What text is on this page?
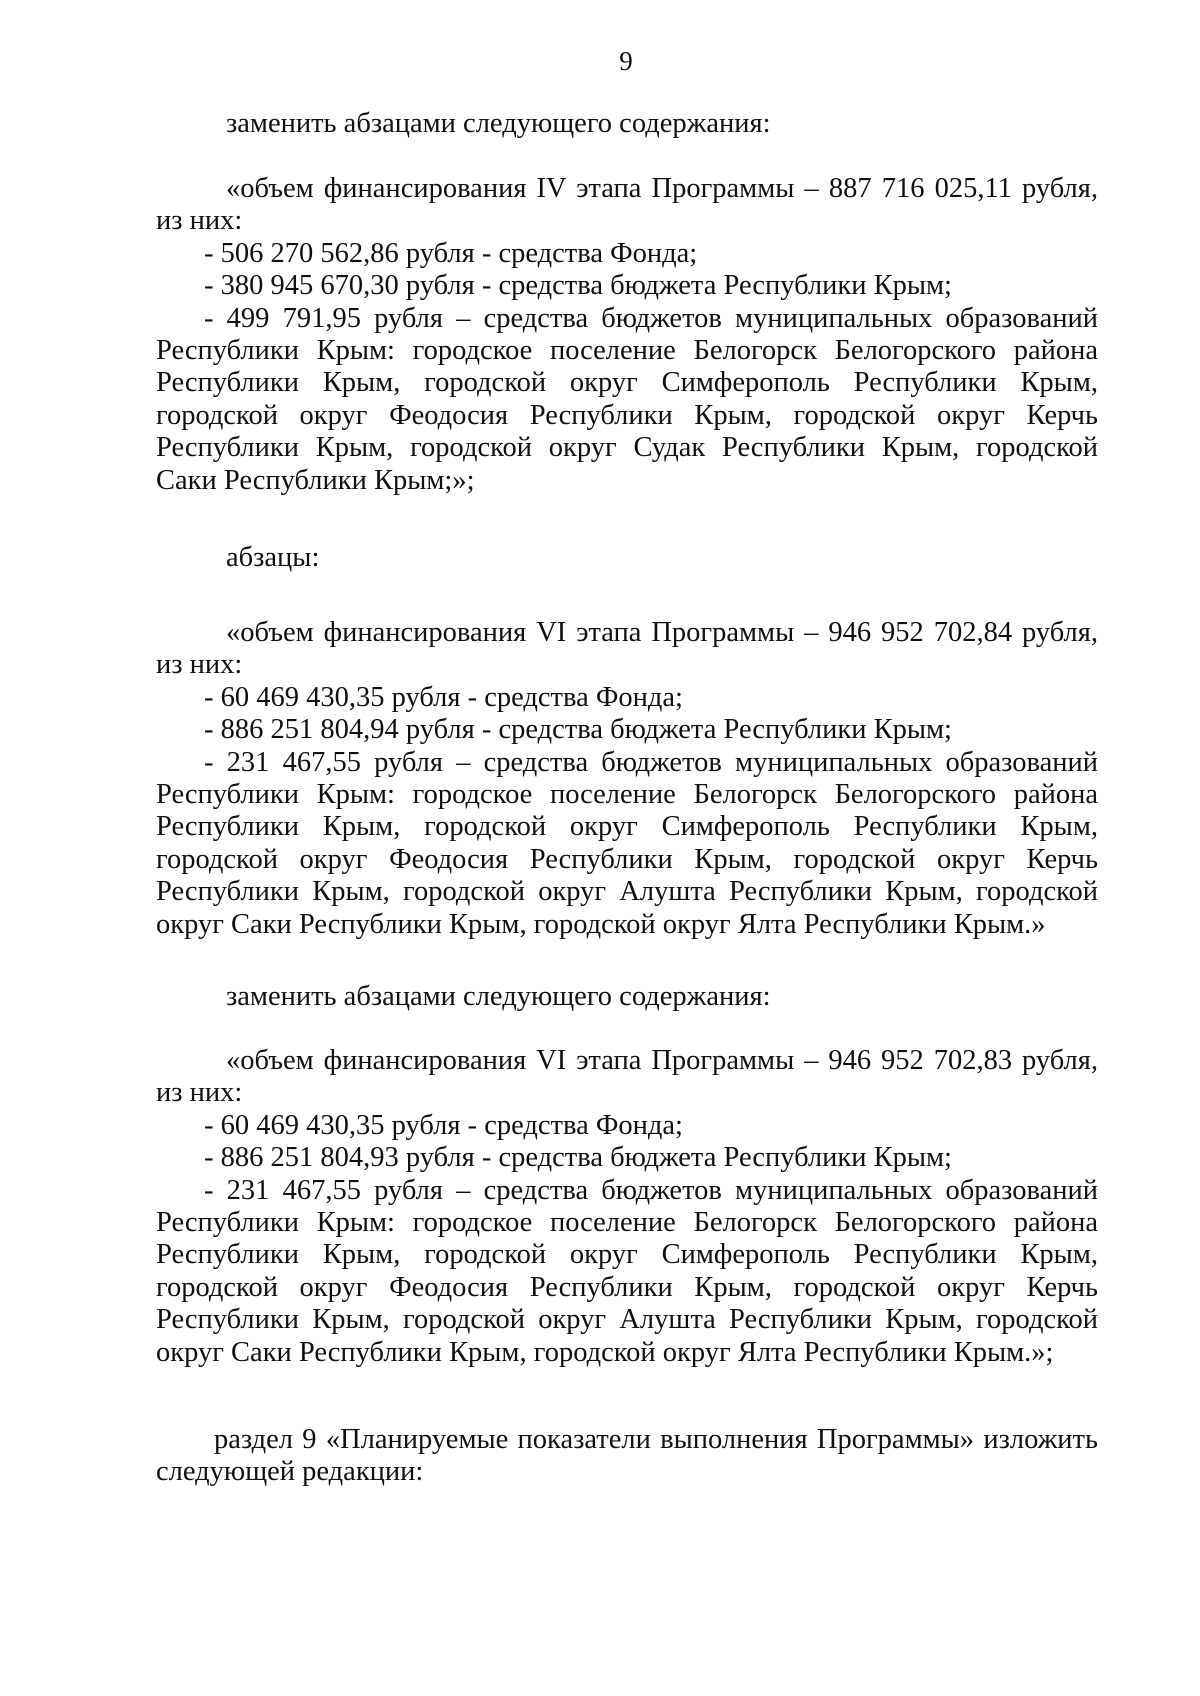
9
заменить абзацами следующего содержания:
«объем финансирования IV этапа Программы – 887 716 025,11 рубля,
из них:
- 506 270 562,86 рубля - средства Фонда;
- 380 945 670,30 рубля - средства бюджета Республики Крым;
- 499 791,95 рубля – средства бюджетов муниципальных образований
Республики Крым: городское поселение Белогорск Белогорского района
Республики Крым, городской округ Симферополь Республики Крым,
городской округ Феодосия Республики Крым, городской округ Керчь
Республики Крым, городской округ Судак Республики Крым, городской
Саки Республики Крым;»;
абзацы:
«объем финансирования VI этапа Программы – 946 952 702,84 рубля,
из них:
- 60 469 430,35 рубля - средства Фонда;
- 886 251 804,94 рубля - средства бюджета Республики Крым;
- 231 467,55 рубля – средства бюджетов муниципальных образований
Республики Крым: городское поселение Белогорск Белогорского района
Республики Крым, городской округ Симферополь Республики Крым,
городской округ Феодосия Республики Крым, городской округ Керчь
Республики Крым, городской округ Алушта Республики Крым, городской
округ Саки Республики Крым, городской округ Ялта Республики Крым.»
заменить абзацами следующего содержания:
«объем финансирования VI этапа Программы – 946 952 702,83 рубля,
из них:
- 60 469 430,35 рубля - средства Фонда;
- 886 251 804,93 рубля - средства бюджета Республики Крым;
- 231 467,55 рубля – средства бюджетов муниципальных образований
Республики Крым: городское поселение Белогорск Белогорского района
Республики Крым, городской округ Симферополь Республики Крым,
городской округ Феодосия Республики Крым, городской округ Керчь
Республики Крым, городской округ Алушта Республики Крым, городской
округ Саки Республики Крым, городской округ Ялта Республики Крым.»;
раздел 9 «Планируемые показатели выполнения Программы» изложить
следующей редакции:
